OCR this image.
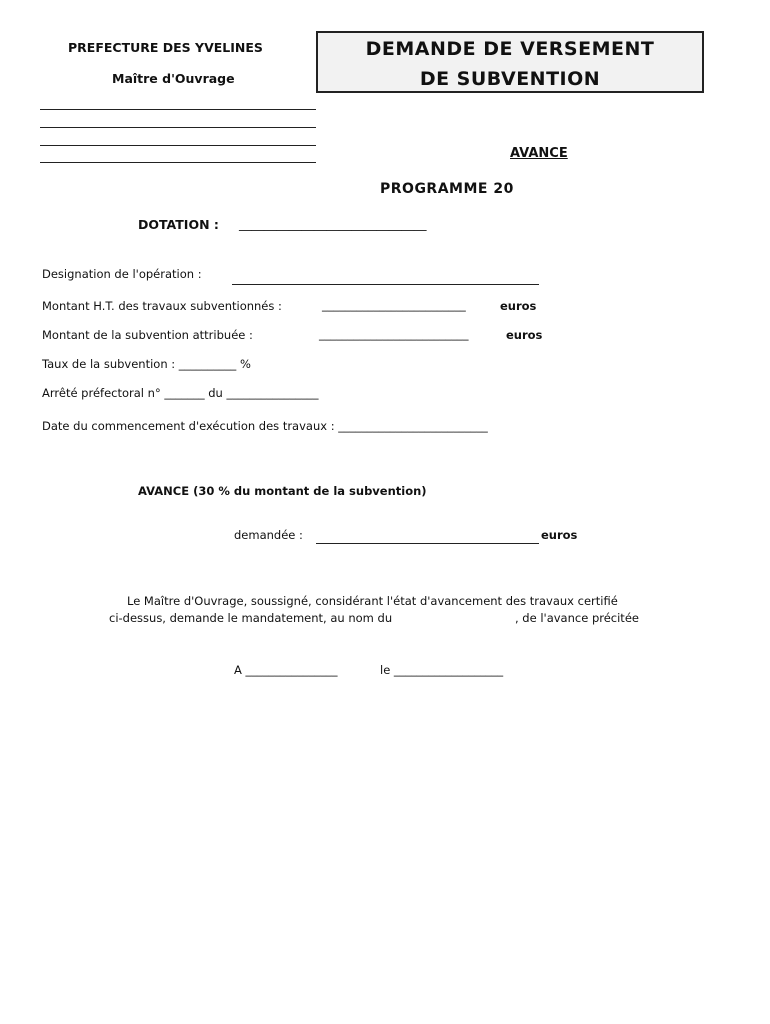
PREFECTURE DES YVELINES
Maître d'Ouvrage
DEMANDE DE VERSEMENT
DE SUBVENTION
AVANCE
PROGRAMME 20
DOTATION : ______________________________
Designation de l'opération :
Montant H.T. des travaux subventionnés :	_________________________	euros
Montant de la subvention attribuée :	__________________________	euros
Taux de la subvention : __________ %
Arrêté préfectoral n° _______ du ________________
Date du commencement d'exécution des travaux : __________________________
AVANCE (30 % du montant de la subvention)
demandée :	euros
Le Maître d'Ouvrage, soussigné, considérant l'état d'avancement des travaux certifié
ci-dessus, demande le mandatement, au nom du	, de l'avance précitée
A ________________	le ___________________
